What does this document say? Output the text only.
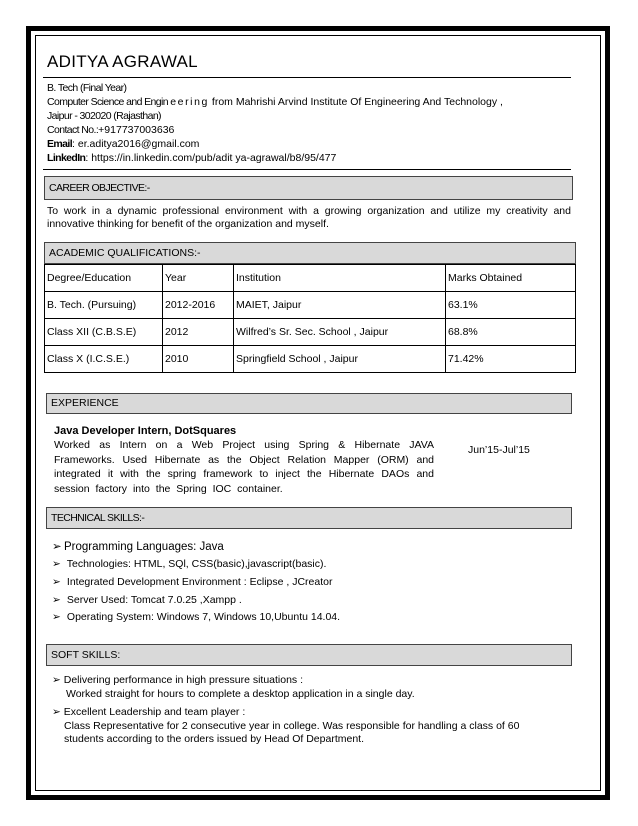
ADITYA AGRAWAL
B. Tech (Final Year)
Computer Science and Engineering from Mahrishi Arvind Institute Of Engineering And Technology ,
Jaipur - 302020 (Rajasthan)
Contact No.:+917737003636
Email: er.aditya2016@gmail.com
LinkedIn: https://in.linkedin.com/pub/adit ya-agrawal/b8/95/477
CAREER OBJECTIVE:-
To work in a dynamic professional environment with a growing organization and utilize my creativity and innovative thinking for benefit of the organization and myself.
ACADEMIC QUALIFICATIONS:-
Degree/Education	Year	Institution	Marks Obtained
B. Tech. (Pursuing)	2012-2016	MAIET, Jaipur	63.1%
Class XII (C.B.S.E)	2012	Wilfred’s Sr. Sec. School , Jaipur	68.8%
Class X (I.C.S.E.)	2010	Springfield School , Jaipur	71.42%
EXPERIENCE
Java Developer Intern, DotSquares
Worked as Intern on a Web Project using Spring & Hibernate JAVA Frameworks. Used Hibernate as the Object Relation Mapper (ORM) and integrated it with the spring framework to inject the Hibernate DAOs and session factory into the Spring IOC container.
Jun’15-Jul’15
TECHNICAL SKILLS:-
➢ Programming Languages: Java
➢ Technologies: HTML, SQl, CSS(basic),javascript(basic).
➢ Integrated Development Environment : Eclipse , JCreator
➢ Server Used: Tomcat 7.0.25 ,Xampp .
➢ Operating System: Windows 7, Windows 10,Ubuntu 14.04.
SOFT SKILLS:
➢ Delivering performance in high pressure situations :
Worked straight for hours to complete a desktop application in a single day.
➢ Excellent Leadership and team player :
Class Representative for 2 consecutive year in college. Was responsible for handling a class of 60 students according to the orders issued by Head Of Department.
